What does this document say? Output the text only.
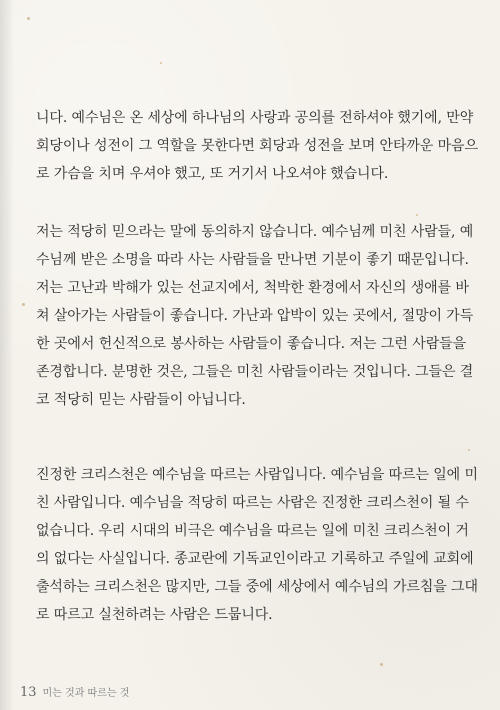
니다. 예수님은 온 세상에 하나님의 사랑과 공의를 전하셔야 했기에, 만약
회당이나 성전이 그 역할을 못한다면 회당과 성전을 보며 안타까운 마음으
로 가슴을 치며 우셔야 했고, 또 거기서 나오셔야 했습니다.
저는 적당히 믿으라는 말에 동의하지 않습니다. 예수님께 미친 사람들, 예
수님께 받은 소명을 따라 사는 사람들을 만나면 기분이 좋기 때문입니다.
저는 고난과 박해가 있는 선교지에서, 척박한 환경에서 자신의 생애를 바
쳐 살아가는 사람들이 좋습니다. 가난과 압박이 있는 곳에서, 절망이 가득
한 곳에서 헌신적으로 봉사하는 사람들이 좋습니다. 저는 그런 사람들을
존경합니다. 분명한 것은, 그들은 미친 사람들이라는 것입니다. 그들은 결
코 적당히 믿는 사람들이 아닙니다.
진정한 크리스천은 예수님을 따르는 사람입니다. 예수님을 따르는 일에 미
친 사람입니다. 예수님을 적당히 따르는 사람은 진정한 크리스천이 될 수
없습니다. 우리 시대의 비극은 예수님을 따르는 일에 미친 크리스천이 거
의 없다는 사실입니다. 종교란에 기독교인이라고 기록하고 주일에 교회에
출석하는 크리스천은 많지만, 그들 중에 세상에서 예수님의 가르침을 그대
로 따르고 실천하려는 사람은 드뭅니다.
13 미는 것과 따르는 것
